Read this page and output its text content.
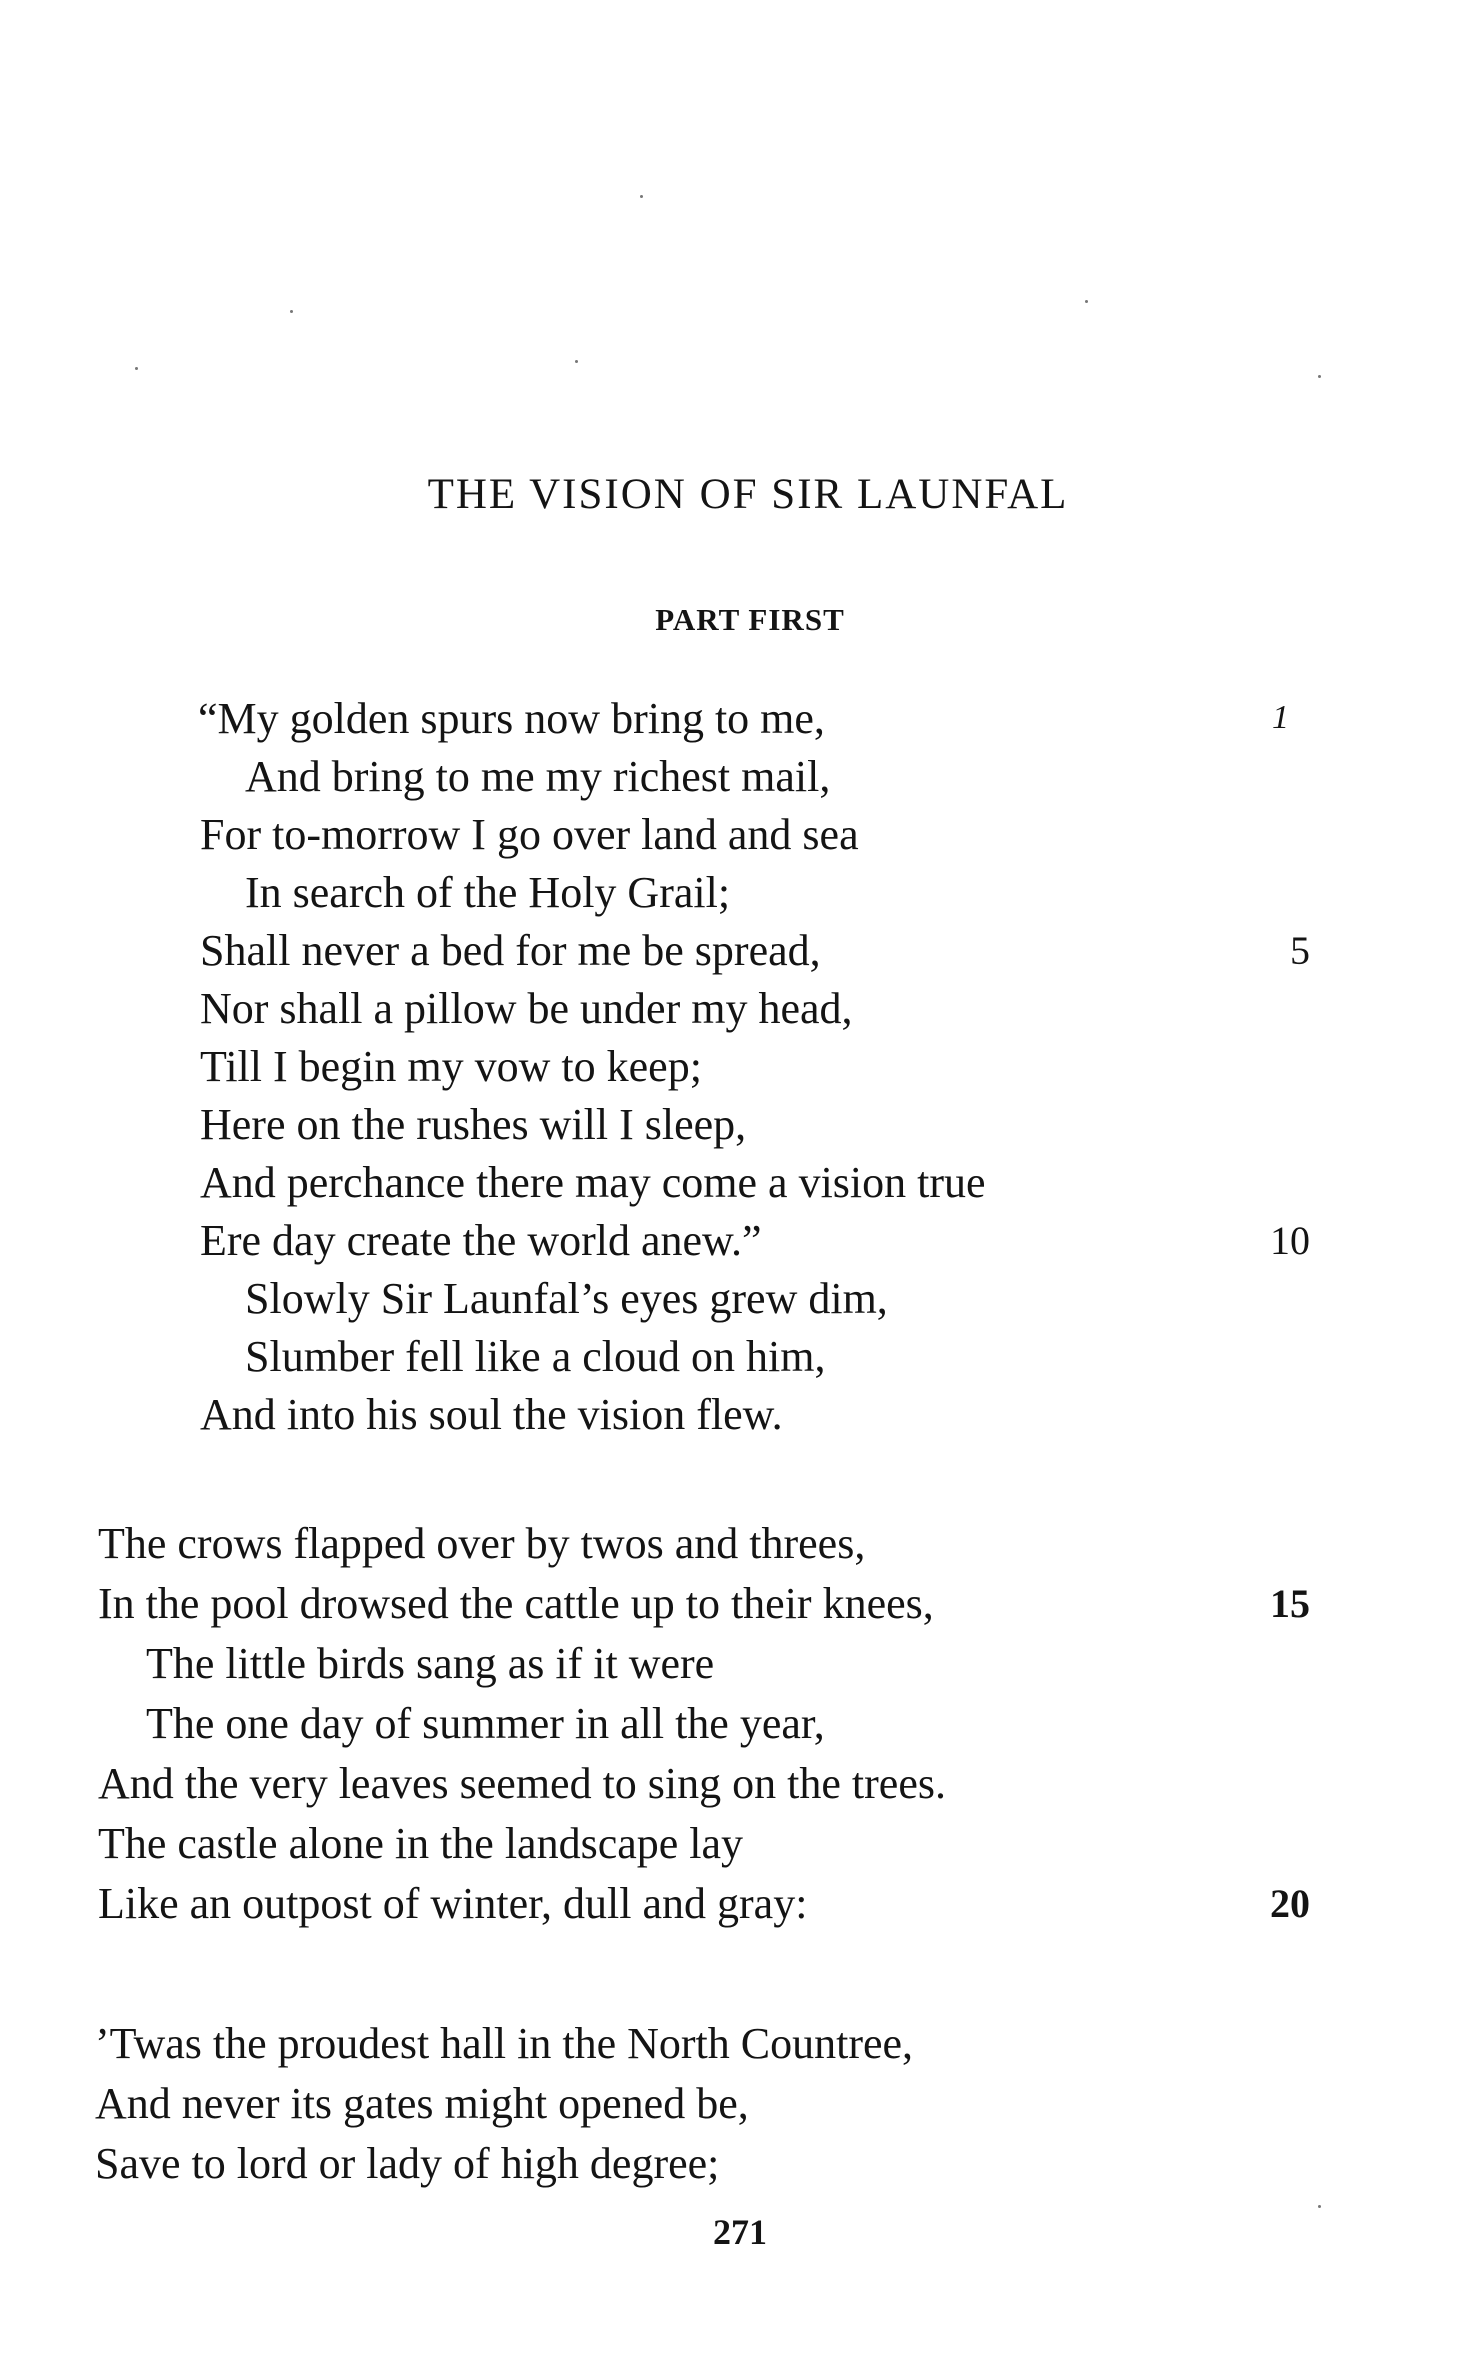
THE VISION OF SIR LAUNFAL
PART FIRST
1
“My golden spurs now bring to me,
And bring to me my richest mail,
For to-morrow I go over land and sea
In search of the Holy Grail;
Shall never a bed for me be spread,
Nor shall a pillow be under my head,
Till I begin my vow to keep;
Here on the rushes will I sleep,
And perchance there may come a vision true
Ere day create the world anew.”
Slowly Sir Launfal’s eyes grew dim,
Slumber fell like a cloud on him,
And into his soul the vision flew.
The crows flapped over by twos and threes,
In the pool drowsed the cattle up to their knees,
The little birds sang as if it were
The one day of summer in all the year,
And the very leaves seemed to sing on the trees.
The castle alone in the landscape lay
Like an outpost of winter, dull and gray:
’Twas the proudest hall in the North Countree,
And never its gates might opened be,
Save to lord or lady of high degree;
5
10
15
20
271
